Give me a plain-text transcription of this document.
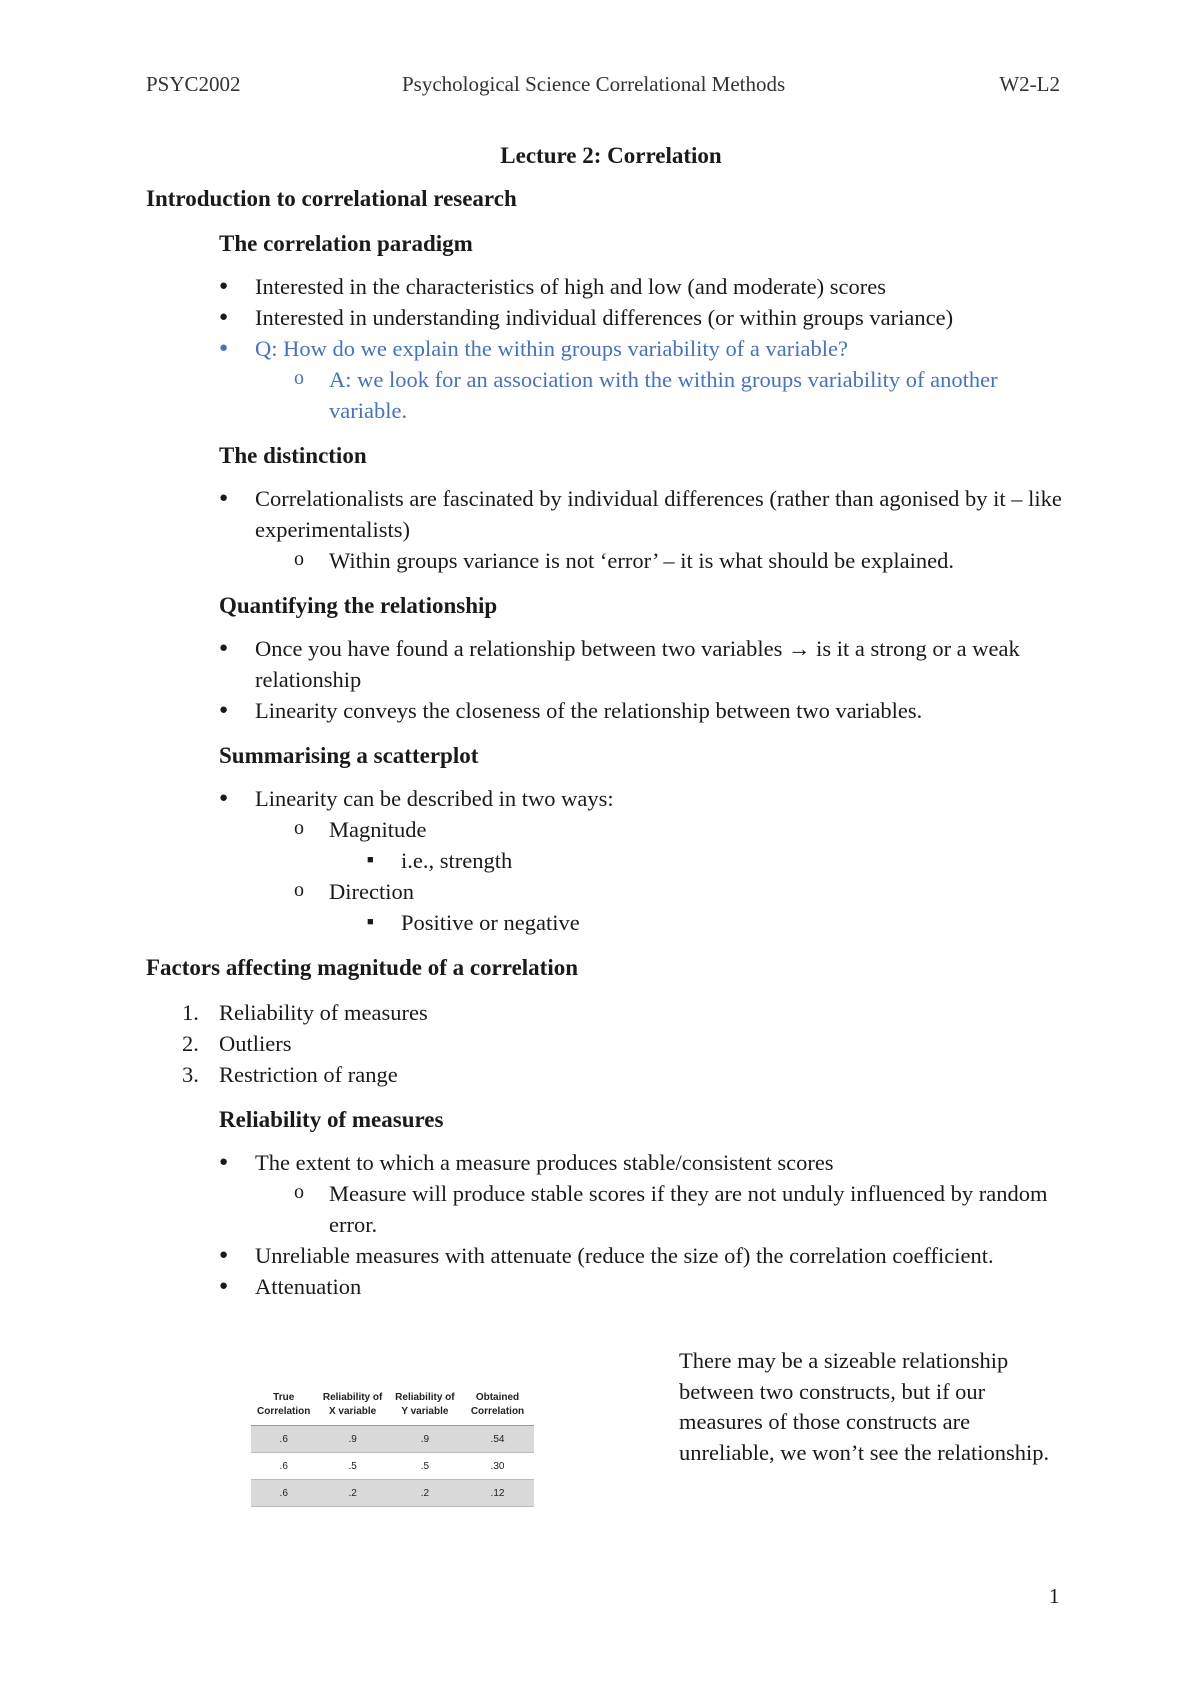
PSYC2002	Psychological Science Correlational Methods	W2-L2
Lecture 2: Correlation
Introduction to correlational research
The correlation paradigm
● Interested in the characteristics of high and low (and moderate) scores
● Interested in understanding individual differences (or within groups variance)
● Q: How do we explain the within groups variability of a variable?
o A: we look for an association with the within groups variability of another variable.
The distinction
● Correlationalists are fascinated by individual differences (rather than agonised by it – like experimentalists)
o Within groups variance is not ‘error’ – it is what should be explained.
Quantifying the relationship
● Once you have found a relationship between two variables → is it a strong or a weak relationship
● Linearity conveys the closeness of the relationship between two variables.
Summarising a scatterplot
● Linearity can be described in two ways:
o Magnitude
■ i.e., strength
o Direction
■ Positive or negative
Factors affecting magnitude of a correlation
1. Reliability of measures
2. Outliers
3. Restriction of range
Reliability of measures
● The extent to which a measure produces stable/consistent scores
o Measure will produce stable scores if they are not unduly influenced by random error.
● Unreliable measures with attenuate (reduce the size of) the correlation coefficient.
● Attenuation
True Correlation	Reliability of X variable	Reliability of Y variable	Obtained Correlation
.6	.9	.9	.54
.6	.5	.5	.30
.6	.2	.2	.12
There may be a sizeable relationship between two constructs, but if our measures of those constructs are unreliable, we won’t see the relationship.
1
